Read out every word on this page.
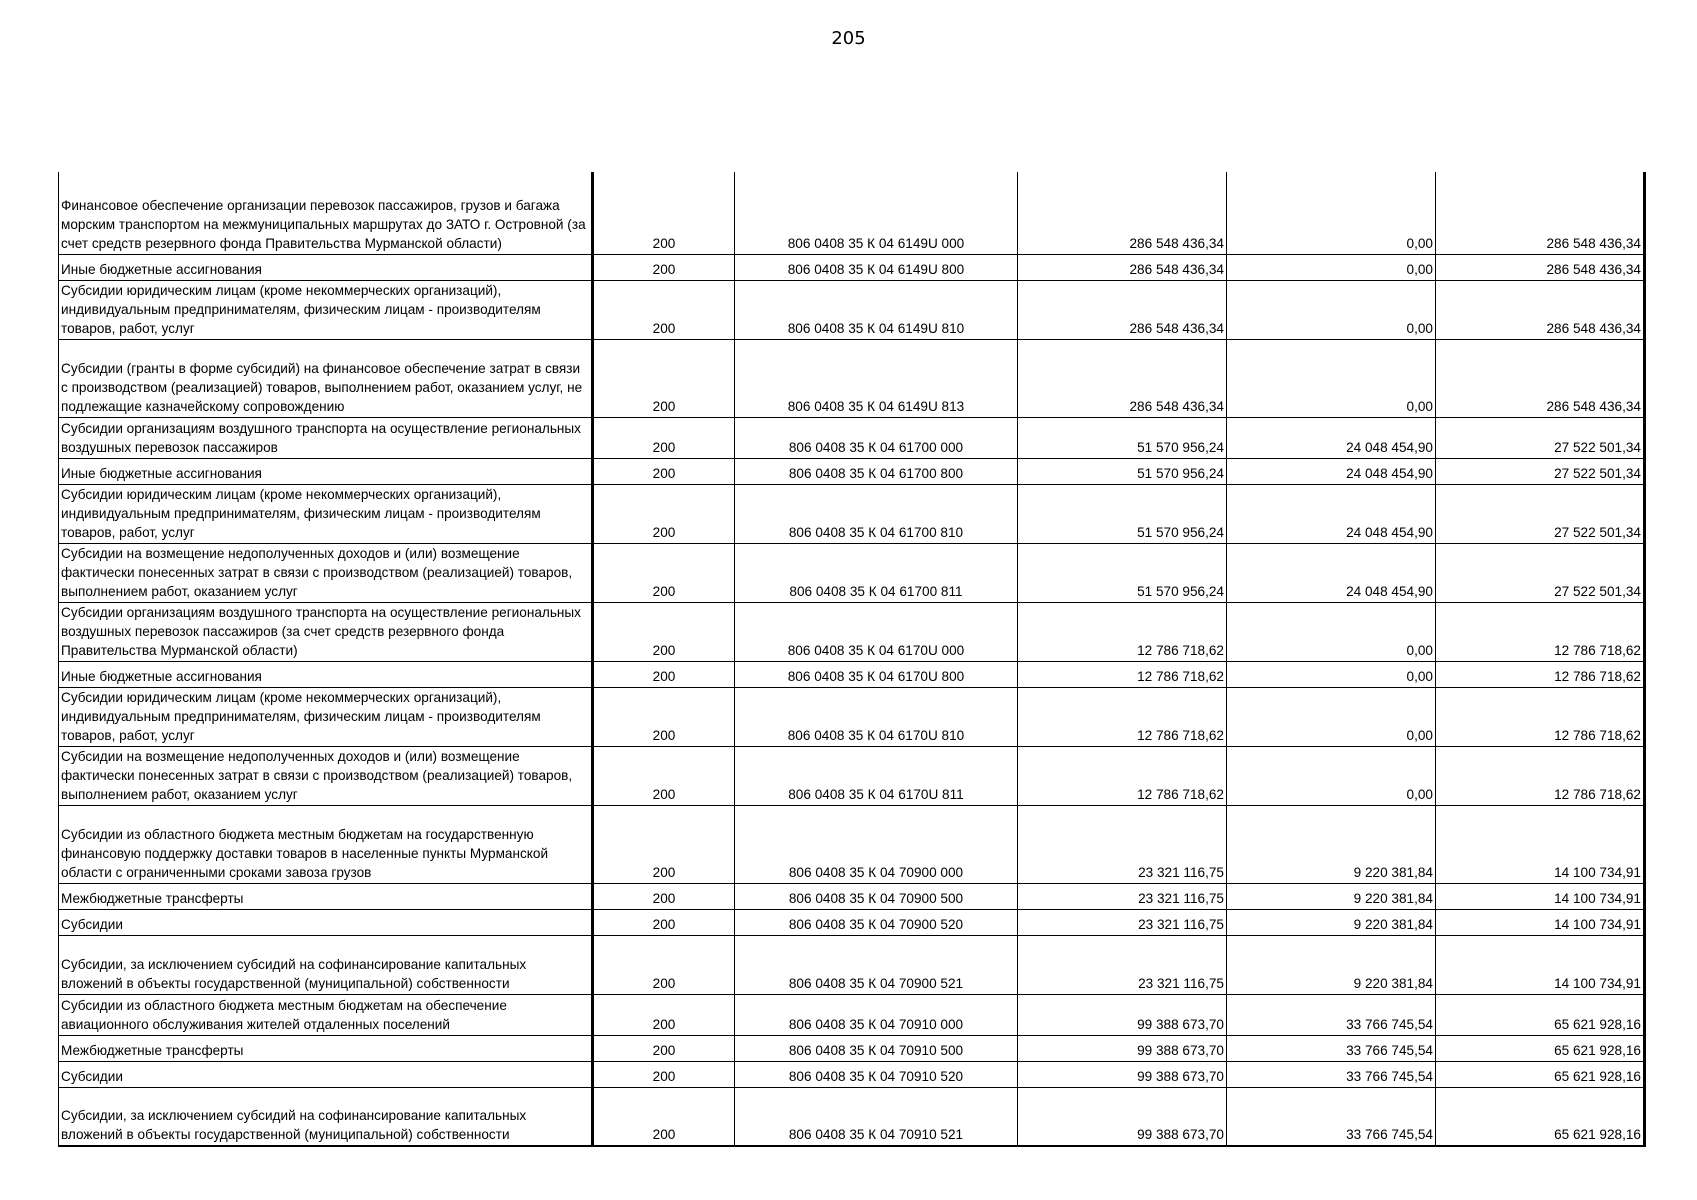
205
Финансовое обеспечение организации перевозок пассажиров, грузов и багажа морским транспортом на межмуниципальных маршрутах до ЗАТО г. Островной (за счет средств резервного фонда Правительства Мурманской области)	200	806 0408 35 К 04 6149U 000	286 548 436,34	0,00	286 548 436,34
Иные бюджетные ассигнования	200	806 0408 35 К 04 6149U 800	286 548 436,34	0,00	286 548 436,34
Субсидии юридическим лицам (кроме некоммерческих организаций), индивидуальным предпринимателям, физическим лицам - производителям товаров, работ, услуг	200	806 0408 35 К 04 6149U 810	286 548 436,34	0,00	286 548 436,34
Субсидии (гранты в форме субсидий) на финансовое обеспечение затрат в связи с производством (реализацией) товаров, выполнением работ, оказанием услуг, не подлежащие казначейскому сопровождению	200	806 0408 35 К 04 6149U 813	286 548 436,34	0,00	286 548 436,34
Субсидии организациям воздушного транспорта на осуществление региональных воздушных перевозок пассажиров	200	806 0408 35 К 04 61700 000	51 570 956,24	24 048 454,90	27 522 501,34
Иные бюджетные ассигнования	200	806 0408 35 К 04 61700 800	51 570 956,24	24 048 454,90	27 522 501,34
Субсидии юридическим лицам (кроме некоммерческих организаций), индивидуальным предпринимателям, физическим лицам - производителям товаров, работ, услуг	200	806 0408 35 К 04 61700 810	51 570 956,24	24 048 454,90	27 522 501,34
Субсидии на возмещение недополученных доходов и (или) возмещение фактически понесенных затрат в связи с производством (реализацией) товаров, выполнением работ, оказанием услуг	200	806 0408 35 К 04 61700 811	51 570 956,24	24 048 454,90	27 522 501,34
Субсидии организациям воздушного транспорта на осуществление региональных воздушных перевозок пассажиров (за счет средств резервного фонда Правительства Мурманской области)	200	806 0408 35 К 04 6170U 000	12 786 718,62	0,00	12 786 718,62
Иные бюджетные ассигнования	200	806 0408 35 К 04 6170U 800	12 786 718,62	0,00	12 786 718,62
Субсидии юридическим лицам (кроме некоммерческих организаций), индивидуальным предпринимателям, физическим лицам - производителям товаров, работ, услуг	200	806 0408 35 К 04 6170U 810	12 786 718,62	0,00	12 786 718,62
Субсидии на возмещение недополученных доходов и (или) возмещение фактически понесенных затрат в связи с производством (реализацией) товаров, выполнением работ, оказанием услуг	200	806 0408 35 К 04 6170U 811	12 786 718,62	0,00	12 786 718,62
Субсидии из областного бюджета местным бюджетам на государственную финансовую поддержку доставки товаров в населенные пункты Мурманской области с ограниченными сроками завоза грузов	200	806 0408 35 К 04 70900 000	23 321 116,75	9 220 381,84	14 100 734,91
Межбюджетные трансферты	200	806 0408 35 К 04 70900 500	23 321 116,75	9 220 381,84	14 100 734,91
Субсидии	200	806 0408 35 К 04 70900 520	23 321 116,75	9 220 381,84	14 100 734,91
Субсидии, за исключением субсидий на софинансирование капитальных вложений в объекты государственной (муниципальной) собственности	200	806 0408 35 К 04 70900 521	23 321 116,75	9 220 381,84	14 100 734,91
Субсидии из областного бюджета местным бюджетам на обеспечение авиационного обслуживания жителей отдаленных поселений	200	806 0408 35 К 04 70910 000	99 388 673,70	33 766 745,54	65 621 928,16
Межбюджетные трансферты	200	806 0408 35 К 04 70910 500	99 388 673,70	33 766 745,54	65 621 928,16
Субсидии	200	806 0408 35 К 04 70910 520	99 388 673,70	33 766 745,54	65 621 928,16
Субсидии, за исключением субсидий на софинансирование капитальных вложений в объекты государственной (муниципальной) собственности	200	806 0408 35 К 04 70910 521	99 388 673,70	33 766 745,54	65 621 928,16
